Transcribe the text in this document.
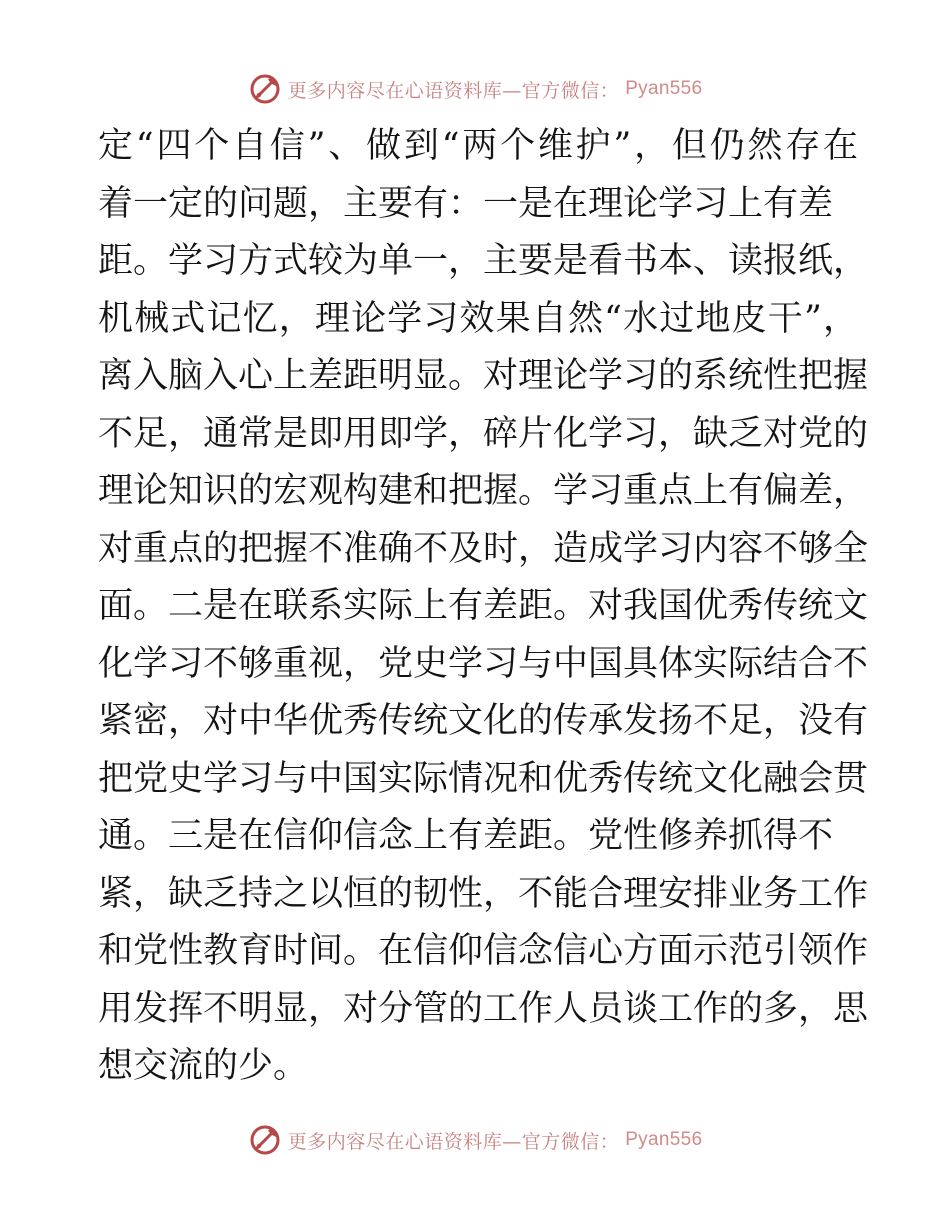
更多内容尽在心语资料库—官方微信： Pyan556
定“四个自信”、做到“两个维护”，但仍然存在
着一定的问题，主要有：一是在理论学习上有差
距。学习方式较为单一，主要是看书本、读报纸，
机械式记忆，理论学习效果自然“水过地皮干”，
离入脑入心上差距明显。对理论学习的系统性把握
不足，通常是即用即学，碎片化学习，缺乏对党的
理论知识的宏观构建和把握。学习重点上有偏差，
对重点的把握不准确不及时，造成学习内容不够全
面。二是在联系实际上有差距。对我国优秀传统文
化学习不够重视，党史学习与中国具体实际结合不
紧密，对中华优秀传统文化的传承发扬不足，没有
把党史学习与中国实际情况和优秀传统文化融会贯
通。三是在信仰信念上有差距。党性修养抓得不
紧，缺乏持之以恒的韧性，不能合理安排业务工作
和党性教育时间。在信仰信念信心方面示范引领作
用发挥不明显，对分管的工作人员谈工作的多，思
想交流的少。
更多内容尽在心语资料库—官方微信： Pyan556
